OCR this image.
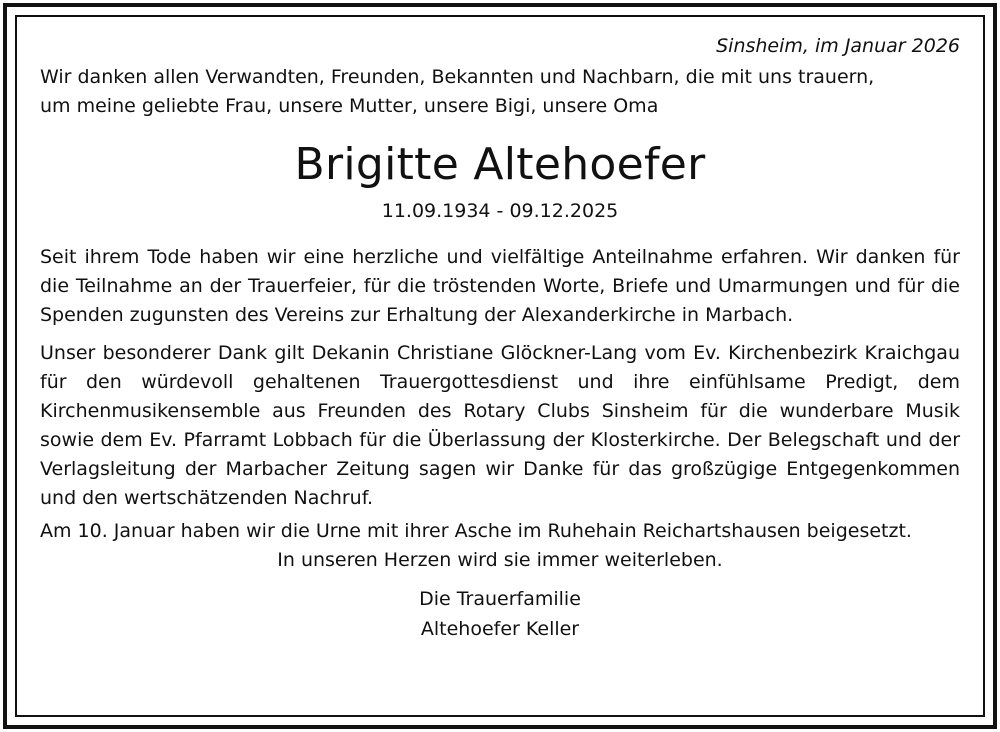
Sinsheim, im Januar 2026

Wir danken allen Verwandten, Freunden, Bekannten und Nachbarn, die mit uns trauern,

um meine geliebte Frau, unsere Mutter, unsere Bigi, unsere Oma

Brigitte Altehoefer
11.09.1934 - 09.12.2025

Seit ihrem Tode haben wir eine herzliche und vielfältige Anteilnahme erfahren. Wir danken für die Teilnahme an der Trauerfeier, für die tröstenden Worte, Briefe und Umarmungen und für die Spenden zugunsten des Vereins zur Erhaltung der Alexanderkirche in Marbach.

Unser besonderer Dank gilt Dekanin Christiane Glöckner-Lang vom Ev. Kirchenbezirk Kraichgau für den würdevoll gehaltenen Trauergottesdienst und ihre einfühlsame Predigt, dem Kirchenmusikensemble aus Freunden des Rotary Clubs Sinsheim für die wunderbare Musik sowie dem Ev. Pfarramt Lobbach für die Überlassung der Klosterkirche. Der Belegschaft und der Verlagsleitung der Marbacher Zeitung sagen wir Danke für das großzügige Entgegenkommen und den wertschätzenden Nachruf.

Am 10. Januar haben wir die Urne mit ihrer Asche im Ruhehain Reichartshausen beigesetzt.

In unseren Herzen wird sie immer weiterleben.

Die Trauerfamilie
Altehoefer Keller
